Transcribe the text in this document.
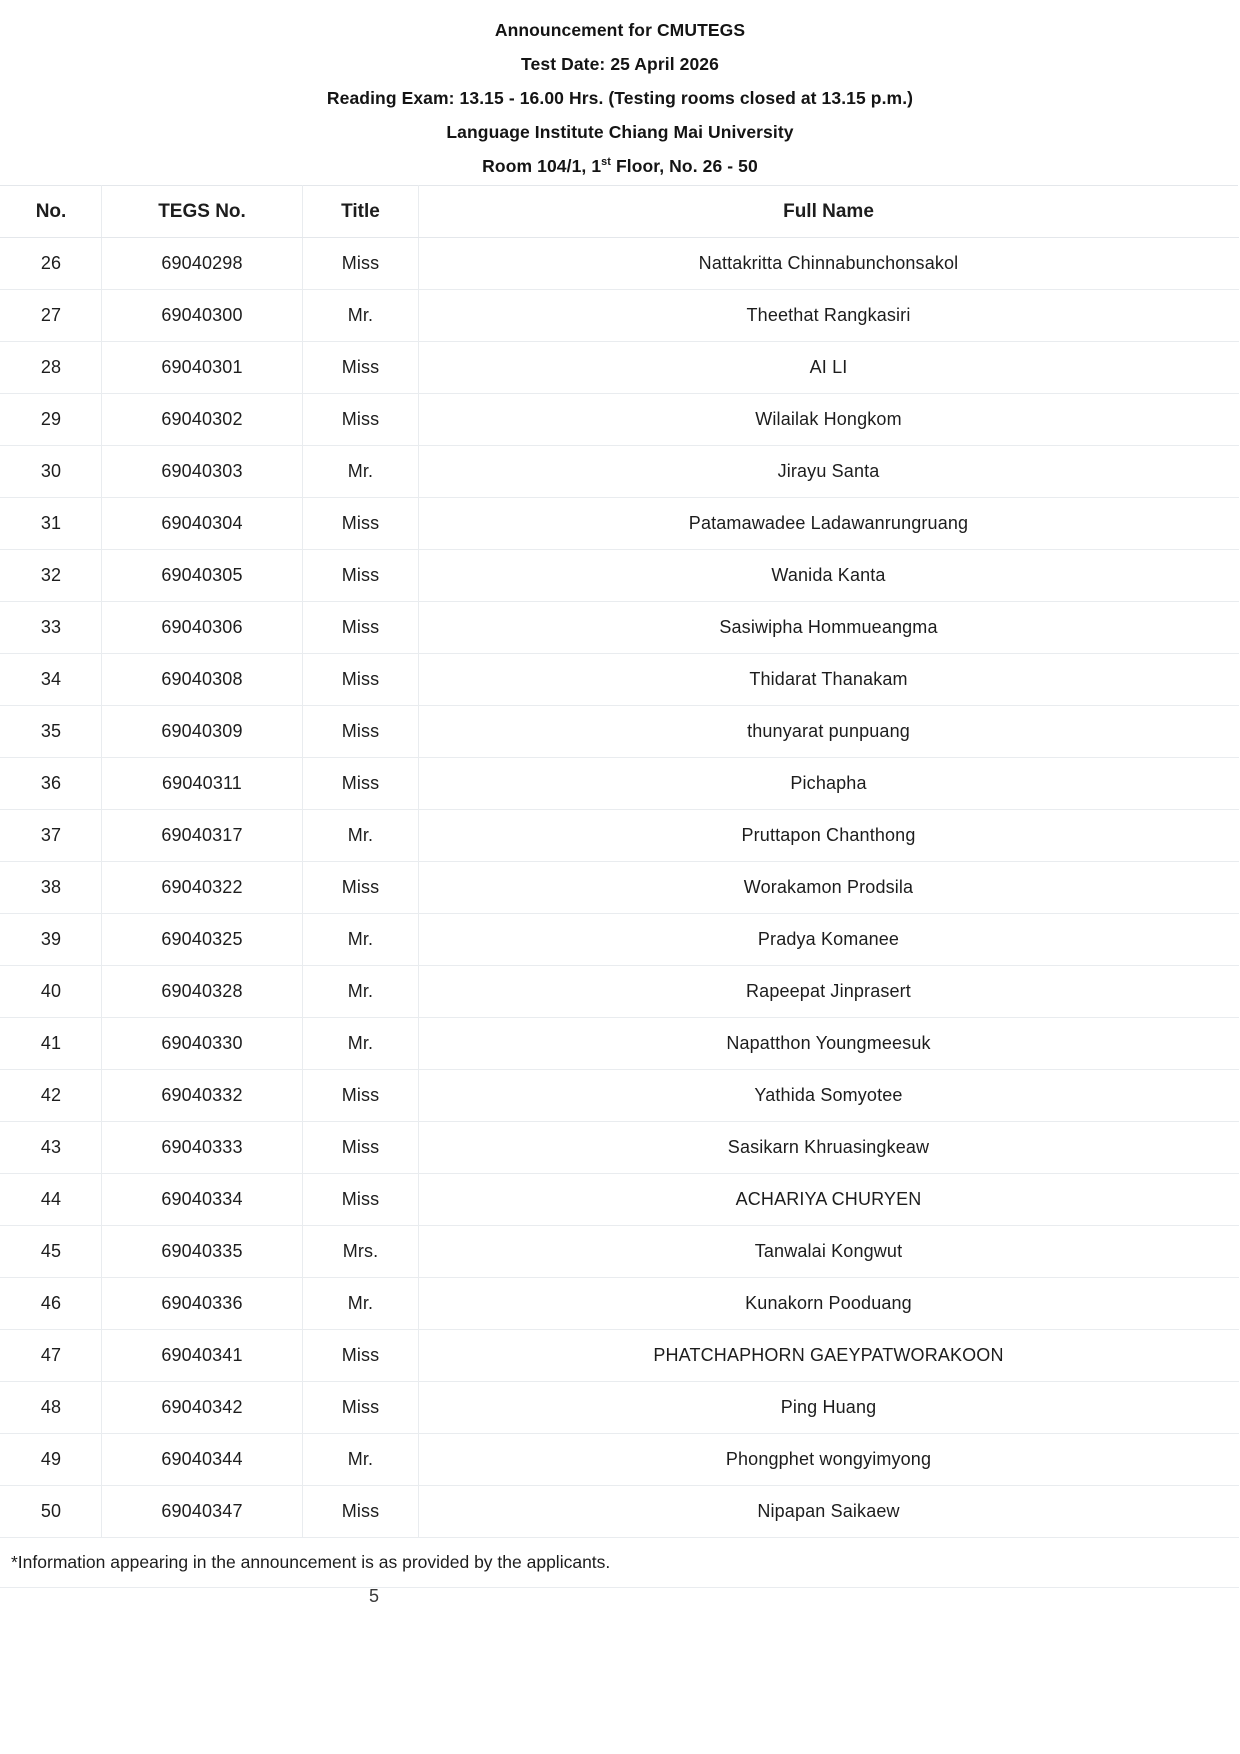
Announcement for CMUTEGS
Test Date: 25 April 2026
Reading Exam: 13.15 - 16.00 Hrs. (Testing rooms closed at 13.15 p.m.)
Language Institute Chiang Mai University
Room 104/1, 1st Floor, No. 26 - 50
No.	TEGS No.	Title	Full Name
26	69040298	Miss	Nattakritta Chinnabunchonsakol
27	69040300	Mr.	Theethat Rangkasiri
28	69040301	Miss	AI LI
29	69040302	Miss	Wilailak Hongkom
30	69040303	Mr.	Jirayu Santa
31	69040304	Miss	Patamawadee Ladawanrungruang
32	69040305	Miss	Wanida Kanta
33	69040306	Miss	Sasiwipha Hommueangma
34	69040308	Miss	Thidarat Thanakam
35	69040309	Miss	thunyarat punpuang
36	69040311	Miss	Pichapha
37	69040317	Mr.	Pruttapon Chanthong
38	69040322	Miss	Worakamon Prodsila
39	69040325	Mr.	Pradya Komanee
40	69040328	Mr.	Rapeepat Jinprasert
41	69040330	Mr.	Napatthon Youngmeesuk
42	69040332	Miss	Yathida Somyotee
43	69040333	Miss	Sasikarn Khruasingkeaw
44	69040334	Miss	ACHARIYA CHURYEN
45	69040335	Mrs.	Tanwalai Kongwut
46	69040336	Mr.	Kunakorn Pooduang
47	69040341	Miss	PHATCHAPHORN GAEYPATWORAKOON
48	69040342	Miss	Ping Huang
49	69040344	Mr.	Phongphet wongyimyong
50	69040347	Miss	Nipapan Saikaew
*Information appearing in the announcement is as provided by the applicants.			
5
